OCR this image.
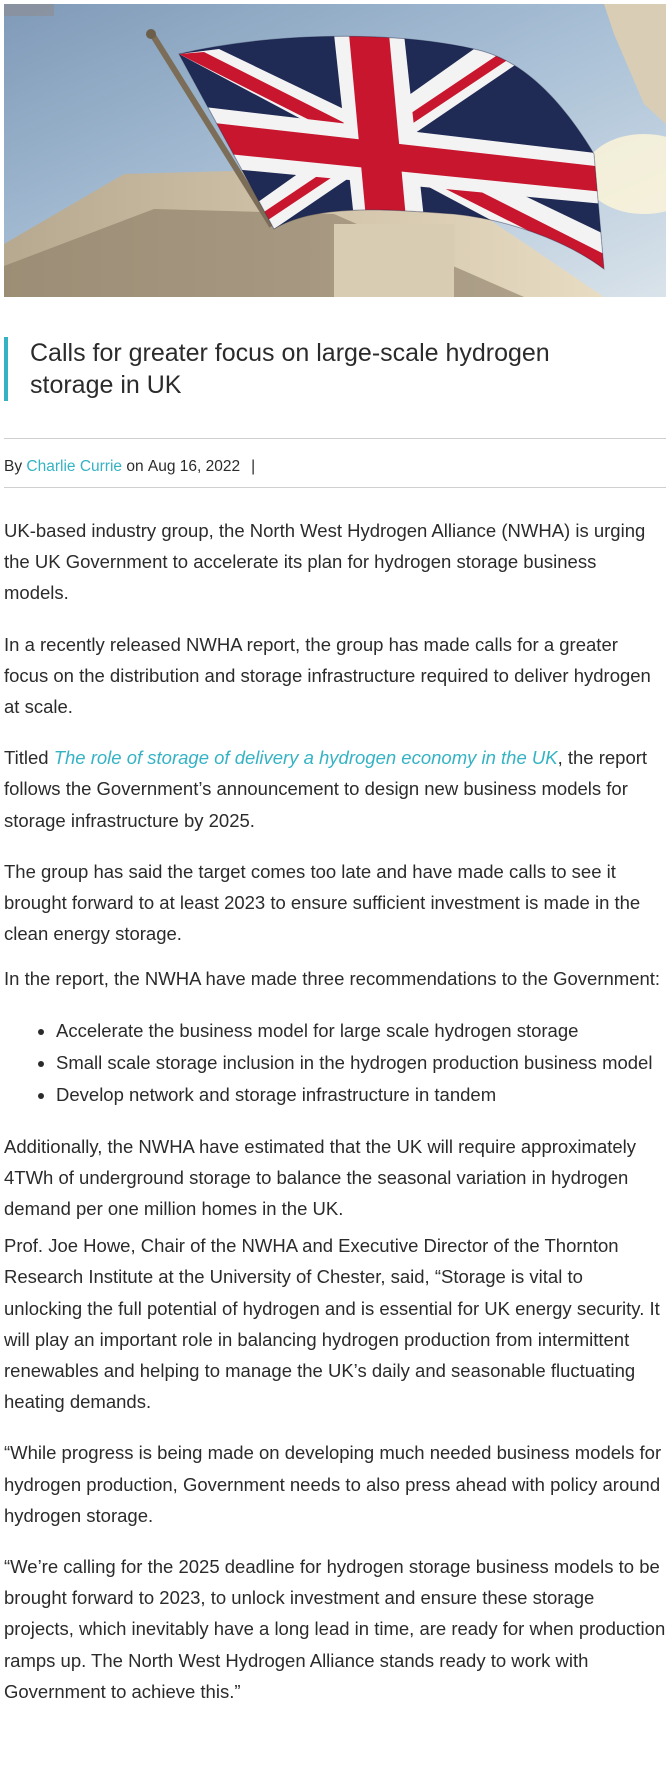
Calls for greater focus on large-scale hydrogen storage in UK
By
Charlie Currie
on
Aug 16, 2022 |

UK-based industry group, the North West Hydrogen Alliance (NWHA) is urging the UK Government to accelerate its plan for hydrogen storage business models.

In a recently released NWHA report, the group has made calls for a greater focus on the distribution and storage infrastructure required to deliver hydrogen at scale.

Titled The role of storage of delivery a hydrogen economy in the UK, the report follows the Government’s announcement to design new business models for storage infrastructure by 2025.

The group has said the target comes too late and have made calls to see it brought forward to at least 2023 to ensure sufficient investment is made in the clean energy storage.

In the report, the NWHA have made three recommendations to the Government:

• Accelerate the business model for large scale hydrogen storage
• Small scale storage inclusion in the hydrogen production business model
• Develop network and storage infrastructure in tandem

Additionally, the NWHA have estimated that the UK will require approximately 4TWh of underground storage to balance the seasonal variation in hydrogen demand per one million homes in the UK.

Prof. Joe Howe, Chair of the NWHA and Executive Director of the Thornton Research Institute at the University of Chester, said, “Storage is vital to unlocking the full potential of hydrogen and is essential for UK energy security. It will play an important role in balancing hydrogen production from intermittent renewables and helping to manage the UK’s daily and seasonable fluctuating heating demands.

“While progress is being made on developing much needed business models for hydrogen production, Government needs to also press ahead with policy around hydrogen storage.

“We’re calling for the 2025 deadline for hydrogen storage business models to be brought forward to 2023, to unlock investment and ensure these storage projects, which inevitably have a long lead in time, are ready for when production ramps up. The North West Hydrogen Alliance stands ready to work with Government to achieve this.”
